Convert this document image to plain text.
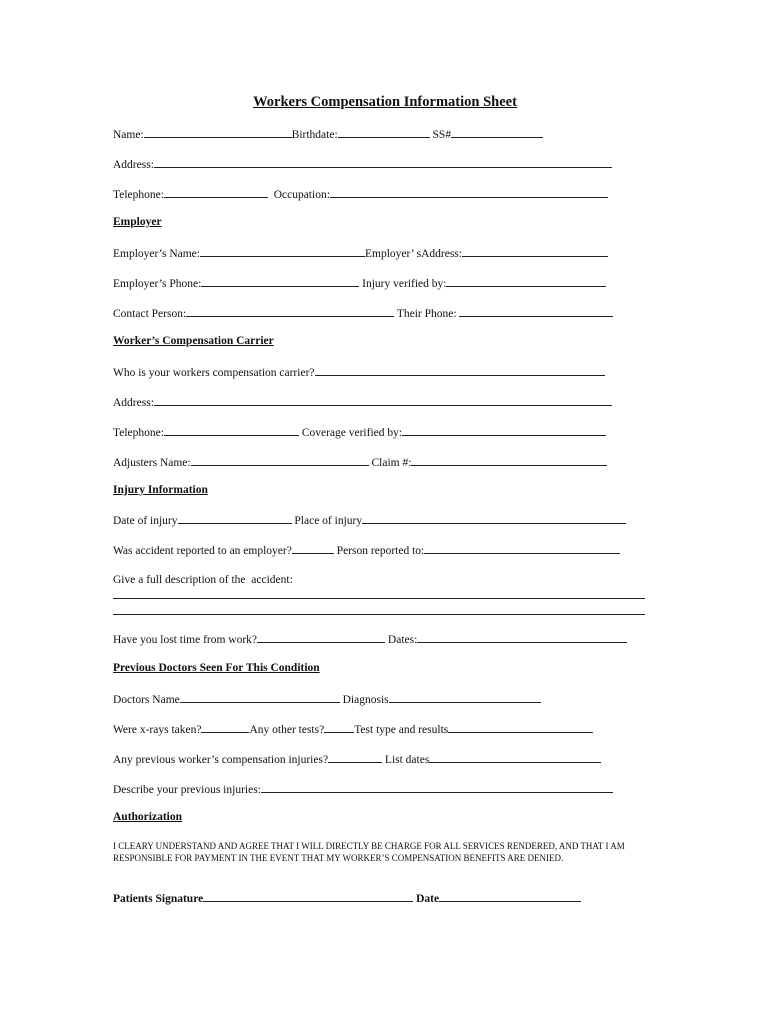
Workers Compensation Information Sheet
Name:	Birthdate:	SS#
Address:
Telephone:	Occupation:
Employer
Employer’s Name:	Employer’ sAddress:
Employer’s Phone:	Injury verified by:
Contact Person:	Their Phone:
Worker’s Compensation Carrier
Who is your workers compensation carrier?
Address:
Telephone:	Coverage verified by:
Adjusters Name:	Claim #:
Injury Information
Date of injury	Place of injury
Was accident reported to an employer?	Person reported to:
Give a full description of the  accident:
Have you lost time from work?	Dates:
Previous Doctors Seen For This Condition
Doctors Name	Diagnosis
Were x-rays taken?	Any other tests?	Test type and results
Any previous worker’s compensation injuries?	List dates
Describe your previous injuries:
Authorization
I CLEARY UNDERSTAND AND AGREE THAT I WILL DIRECTLY BE CHARGE FOR ALL SERVICES RENDERED, AND THAT I AM RESPONSIBLE FOR PAYMENT IN THE EVENT THAT MY WORKER’S COMPENSATION BENEFITS ARE DENIED.
Patients Signature	Date
